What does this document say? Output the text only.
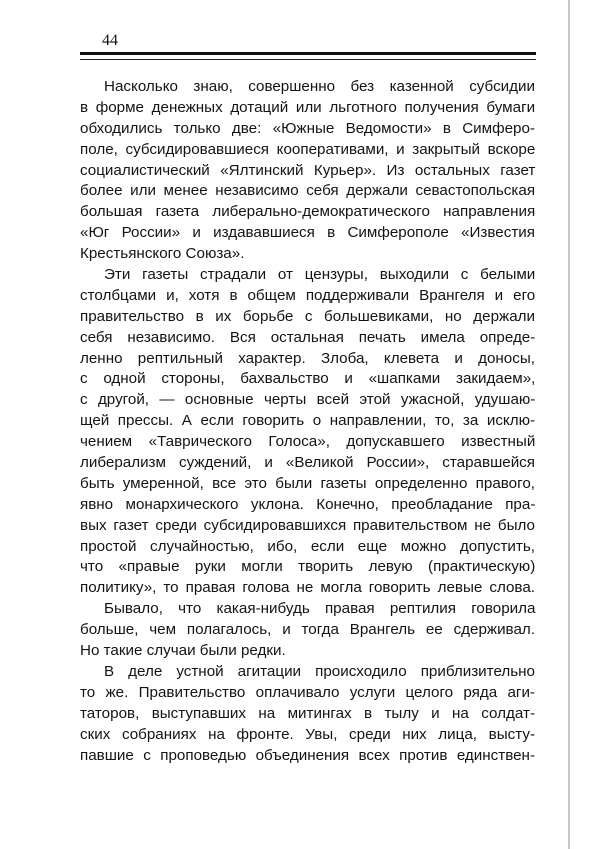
44
Насколько знаю, совершенно без казенной субсидии
в форме денежных дотаций или льготного получения бумаги
обходились только две: «Южные Ведомости» в Симферо-
поле, субсидировавшиеся кооперативами, и закрытый вскоре
социалистический «Ялтинский Курьер». Из остальных газет
более или менее независимо себя держали севастопольская
большая газета либерально-демократического направления
«Юг России» и издававшиеся в Симферополе «Известия
Крестьянского Союза».
Эти газеты страдали от цензуры, выходили с белыми
столбцами и, хотя в общем поддерживали Врангеля и его
правительство в их борьбе с большевиками, но держали
себя независимо. Вся остальная печать имела опреде-
ленно рептильный характер. Злоба, клевета и доносы,
с одной стороны, бахвальство и «шапками закидаем»,
с другой, — основные черты всей этой ужасной, удушаю-
щей прессы. А если говорить о направлении, то, за исклю-
чением «Таврического Голоса», допускавшего известный
либерализм суждений, и «Великой России», старавшейся
быть умеренной, все это были газеты определенно правого,
явно монархического уклона. Конечно, преобладание пра-
вых газет среди субсидировавшихся правительством не было
простой случайностью, ибо, если еще можно допустить,
что «правые руки могли творить левую (практическую)
политику», то правая голова не могла говорить левые слова.
Бывало, что какая-нибудь правая рептилия говорила
больше, чем полагалось, и тогда Врангель ее сдерживал.
Но такие случаи были редки.
В деле устной агитации происходило приблизительно
то же. Правительство оплачивало услуги целого ряда аги-
таторов, выступавших на митингах в тылу и на солдат-
ских собраниях на фронте. Увы, среди них лица, высту-
павшие с проповедью объединения всех против единствен-
